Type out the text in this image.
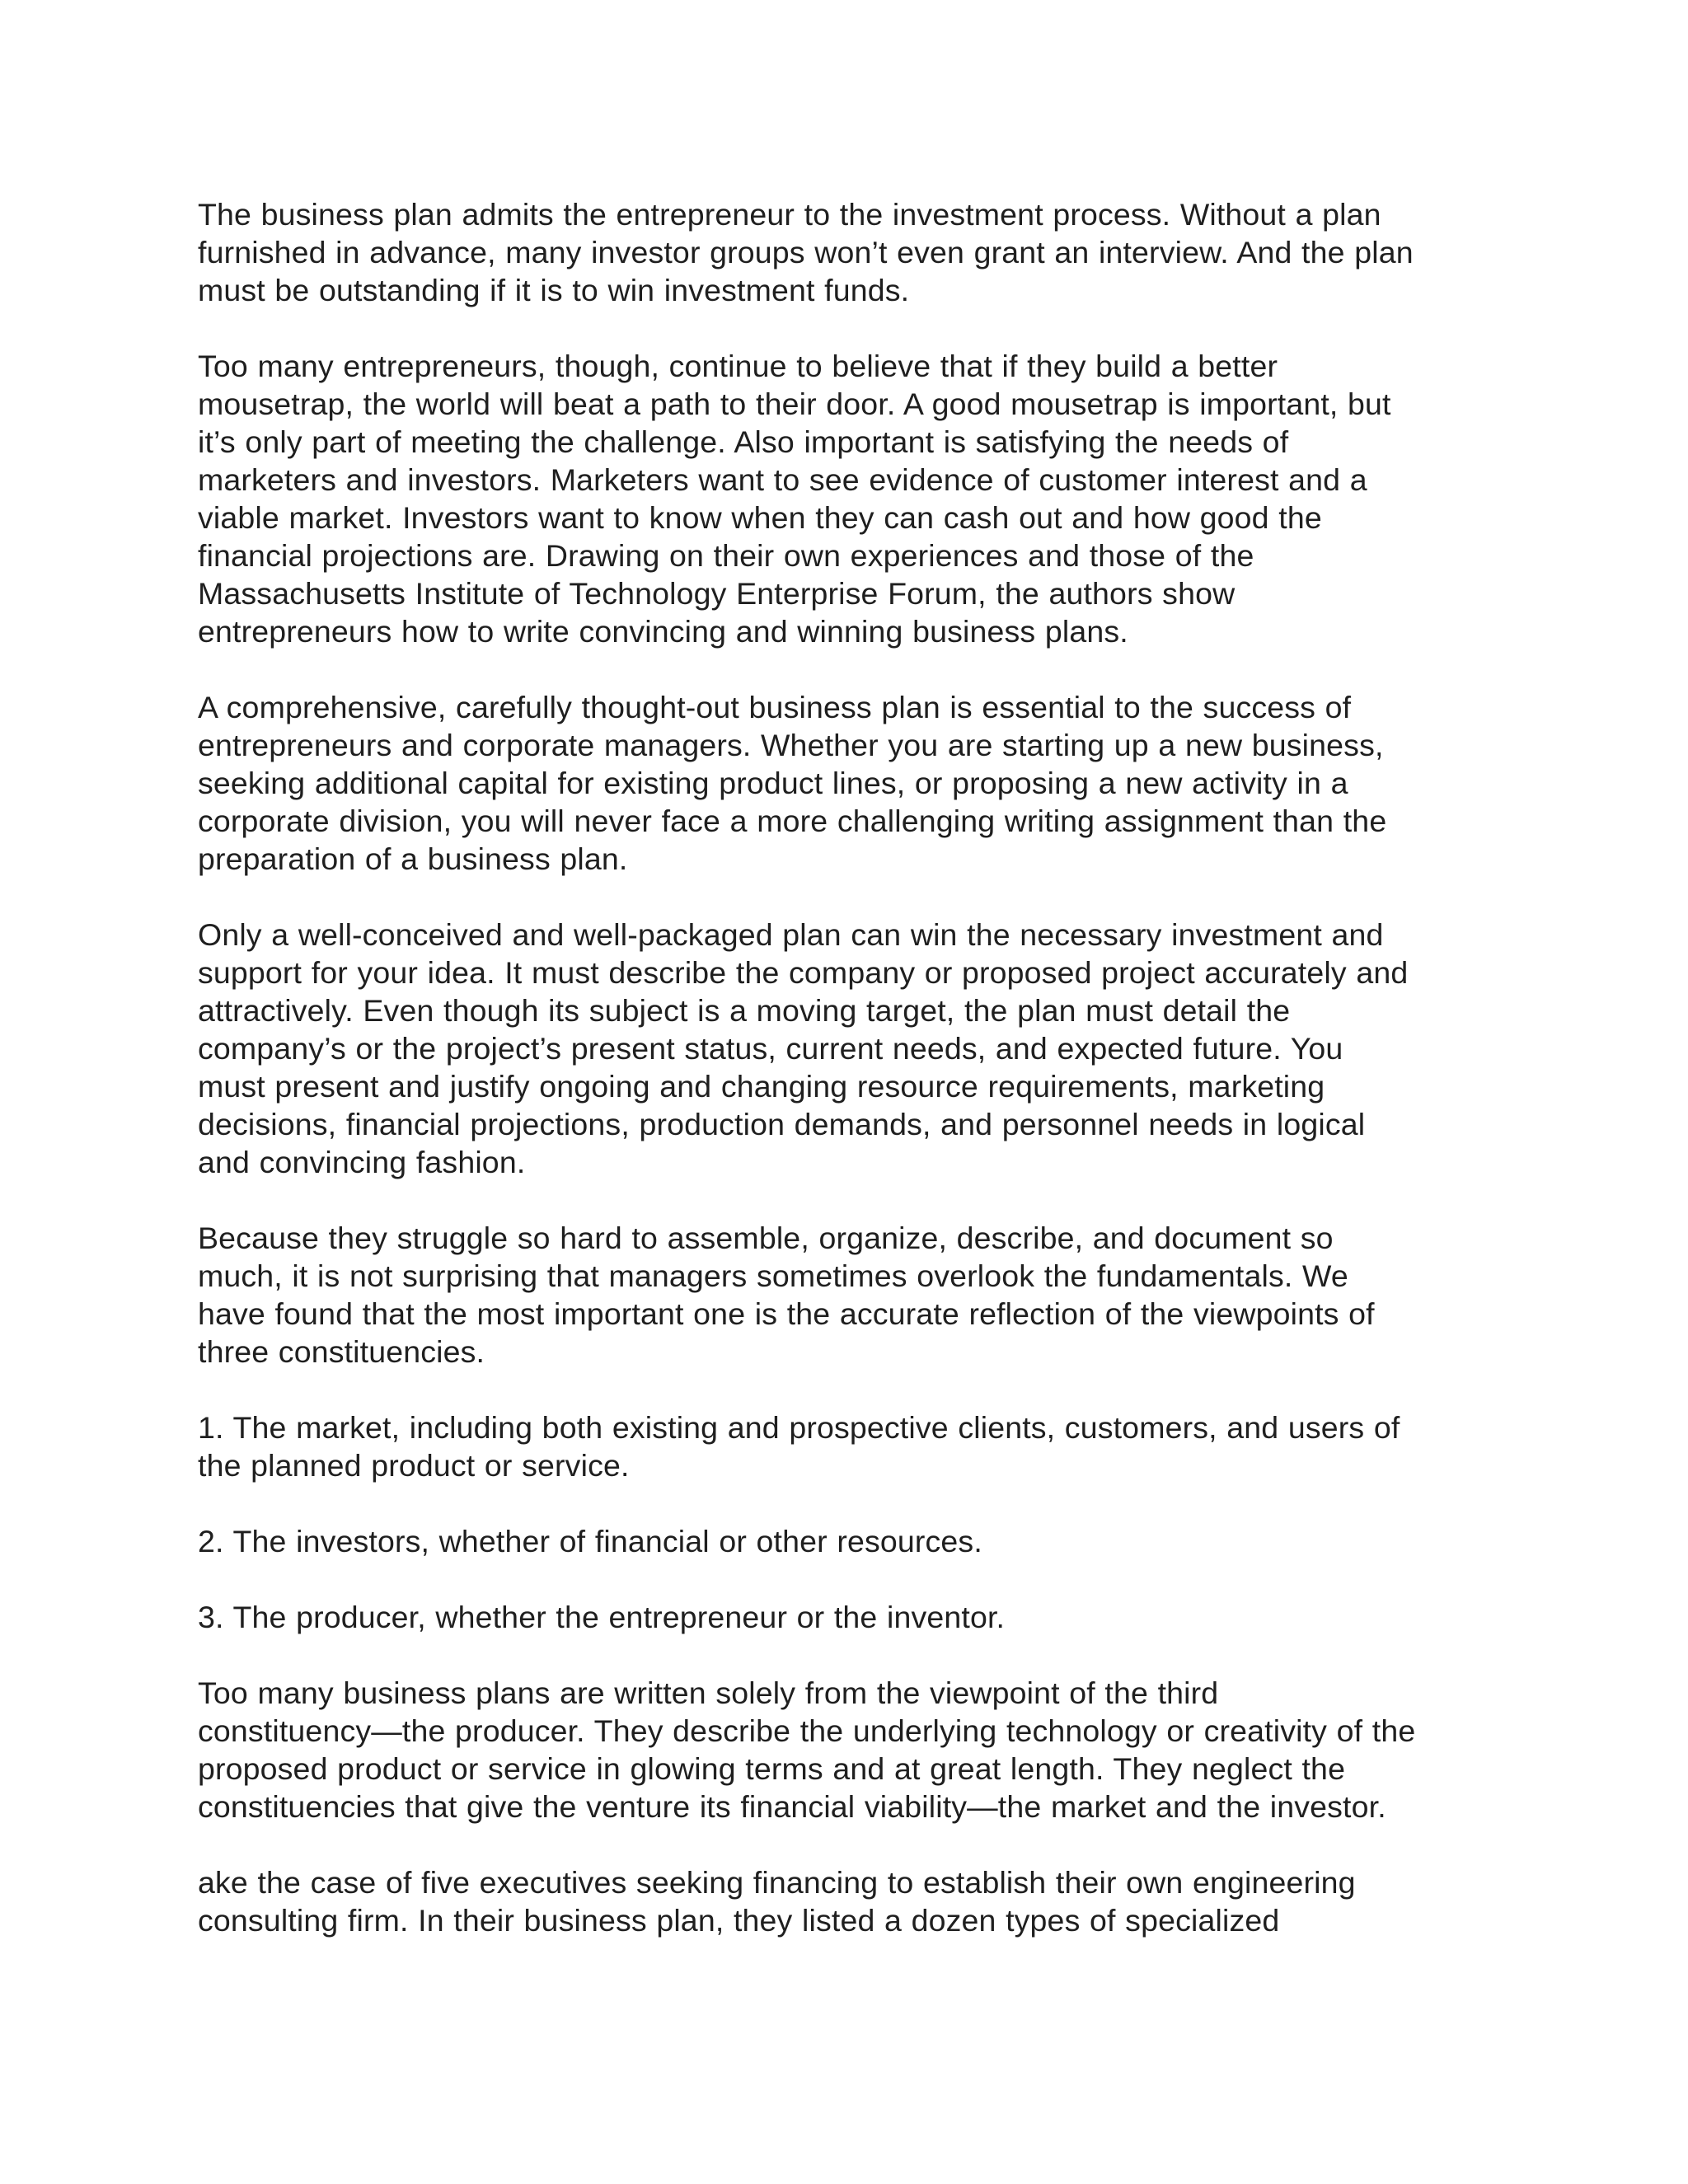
The business plan admits the entrepreneur to the investment process. Without a plan
furnished in advance, many investor groups won’t even grant an interview. And the plan
must be outstanding if it is to win investment funds.

Too many entrepreneurs, though, continue to believe that if they build a better
mousetrap, the world will beat a path to their door. A good mousetrap is important, but
it’s only part of meeting the challenge. Also important is satisfying the needs of
marketers and investors. Marketers want to see evidence of customer interest and a
viable market. Investors want to know when they can cash out and how good the
financial projections are. Drawing on their own experiences and those of the
Massachusetts Institute of Technology Enterprise Forum, the authors show
entrepreneurs how to write convincing and winning business plans.

A comprehensive, carefully thought-out business plan is essential to the success of
entrepreneurs and corporate managers. Whether you are starting up a new business,
seeking additional capital for existing product lines, or proposing a new activity in a
corporate division, you will never face a more challenging writing assignment than the
preparation of a business plan.

Only a well-conceived and well-packaged plan can win the necessary investment and
support for your idea. It must describe the company or proposed project accurately and
attractively. Even though its subject is a moving target, the plan must detail the
company’s or the project’s present status, current needs, and expected future. You
must present and justify ongoing and changing resource requirements, marketing
decisions, financial projections, production demands, and personnel needs in logical
and convincing fashion.

Because they struggle so hard to assemble, organize, describe, and document so
much, it is not surprising that managers sometimes overlook the fundamentals. We
have found that the most important one is the accurate reflection of the viewpoints of
three constituencies.

1. The market, including both existing and prospective clients, customers, and users of
the planned product or service.

2. The investors, whether of financial or other resources.

3. The producer, whether the entrepreneur or the inventor.

Too many business plans are written solely from the viewpoint of the third
constituency—the producer. They describe the underlying technology or creativity of the
proposed product or service in glowing terms and at great length. They neglect the
constituencies that give the venture its financial viability—the market and the investor.

ake the case of five executives seeking financing to establish their own engineering
consulting firm. In their business plan, they listed a dozen types of specialized
